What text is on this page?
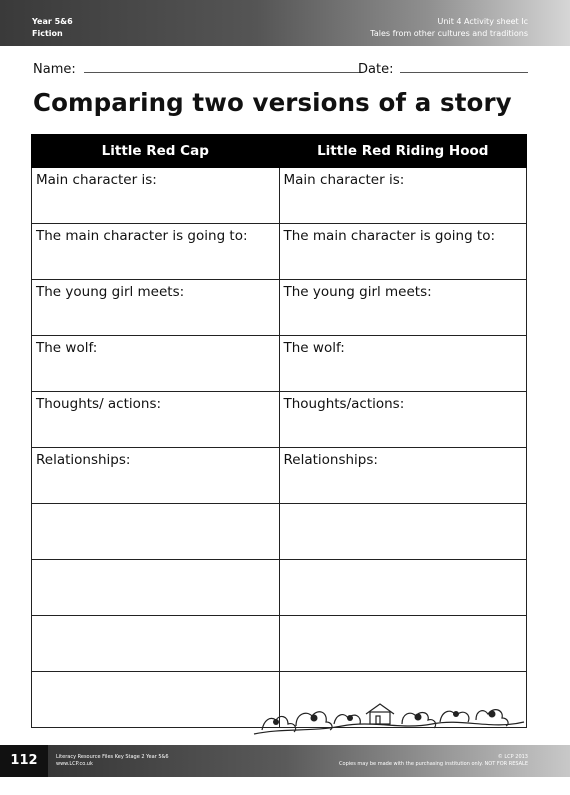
Year 5&6
Fiction
Unit 4 Activity sheet Ic
Tales from other cultures and traditions
Name:	Date:
Comparing two versions of a story
Little Red Cap	Little Red Riding Hood
Main character is:	Main character is:
The main character is going to:	The main character is going to:
The young girl meets:	The young girl meets:
The wolf:	The wolf:
Thoughts/ actions:	Thoughts/actions:
Relationships:	Relationships:

112	Literacy Resource Files Key Stage 2 Year 5&6
www.LCP.co.uk
© LCP 2013
Copies may be made with the purchasing institution only. NOT FOR RESALE
